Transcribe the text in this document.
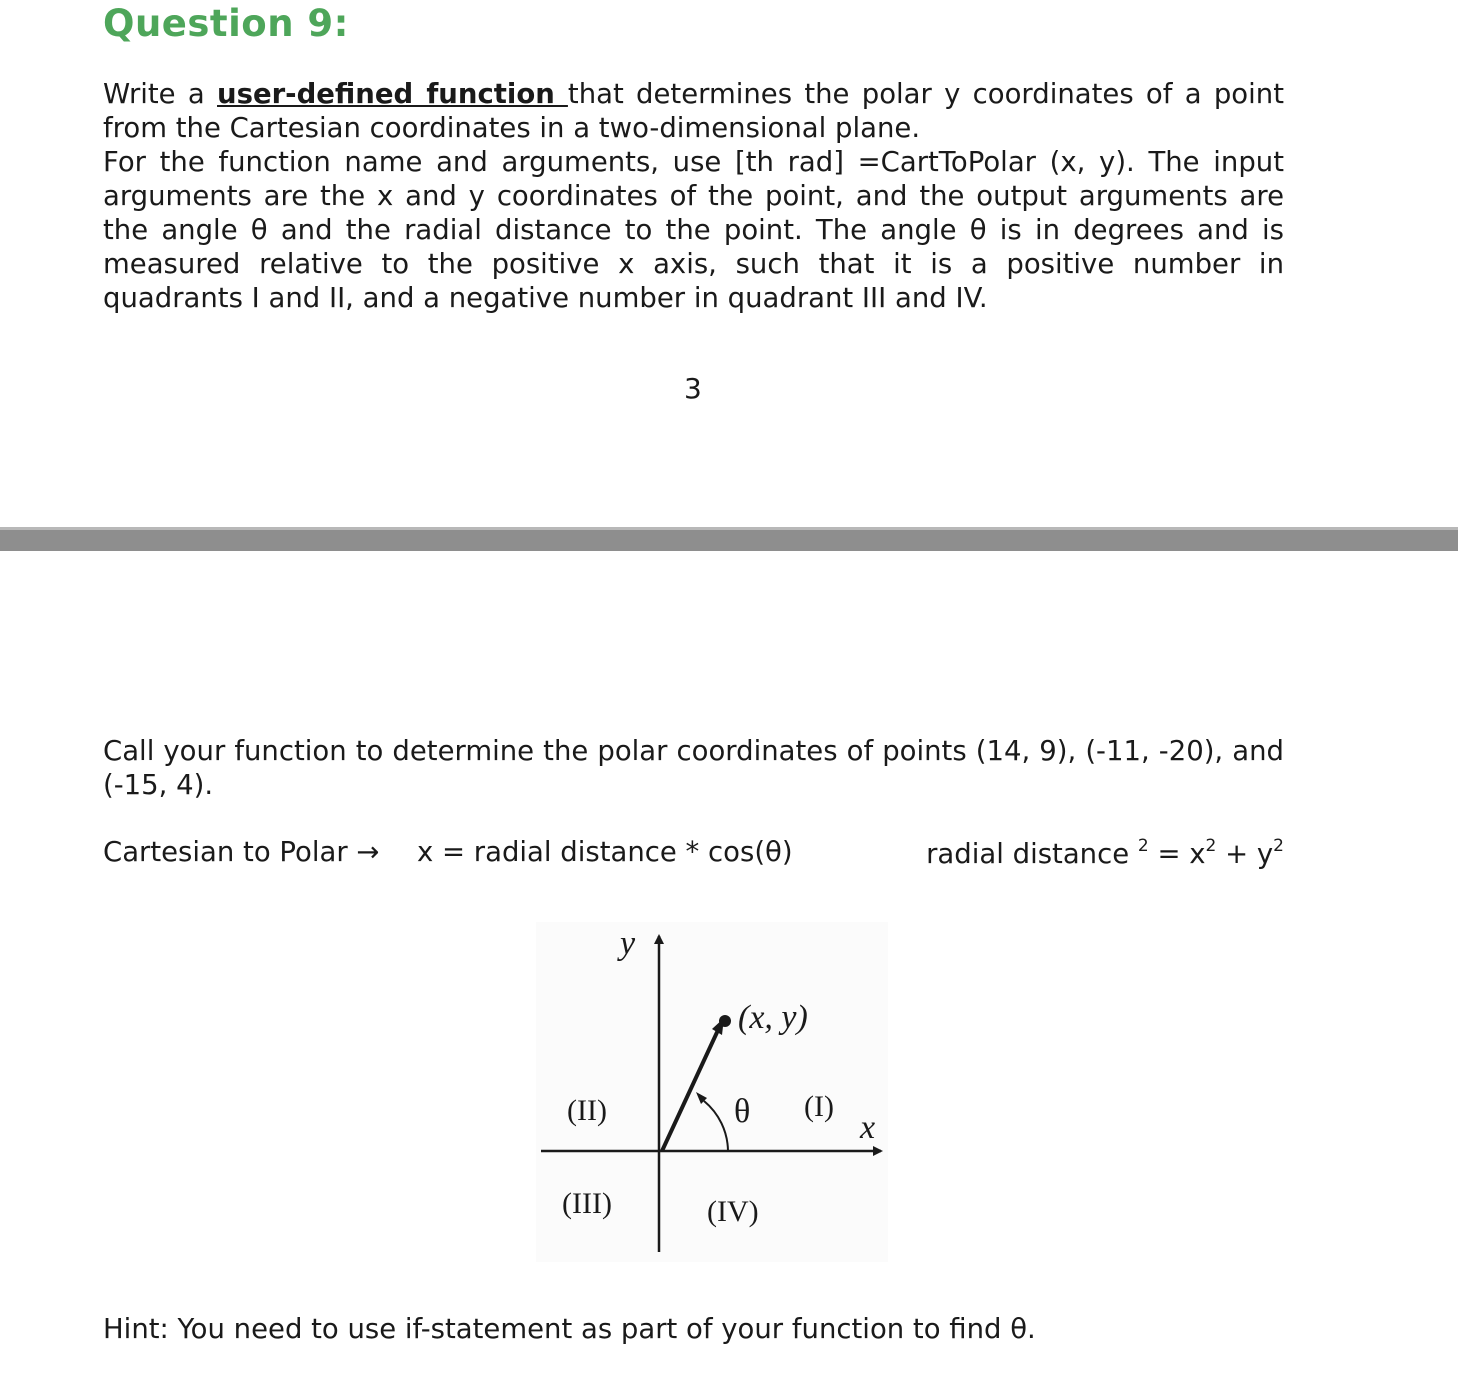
Question 9:

Write a user-defined function that determines the polar y coordinates of a point from the Cartesian coordinates in a two-dimensional plane.
For the function name and arguments, use [th rad] =CartToPolar (x, y). The input arguments are the x and y coordinates of the point, and the output arguments are the angle θ and the radial distance to the point. The angle θ is in degrees and is measured relative to the positive x axis, such that it is a positive number in quadrants I and II, and a negative number in quadrant III and IV.

3

Call your function to determine the polar coordinates of points (14, 9), (-11, -20), and (-15, 4).

Cartesian to Polar → x = radial distance * cos(θ)	radial distance $^2 = x^2 + y^2$
y
x
(x, y)
θ (I)
(II)
(III)	(IV)
Hint: You need to use if-statement as part of your function to find θ.
